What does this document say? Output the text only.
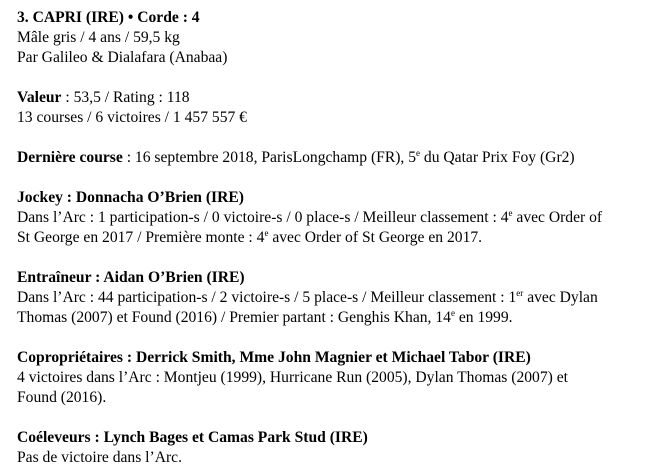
3. CAPRI (IRE) • Corde : 4
Mâle gris / 4 ans / 59,5 kg
Par Galileo & Dialafara (Anabaa)
Valeur : 53,5 / Rating : 118
13 courses / 6 victoires / 1 457 557 €
Dernière course : 16 septembre 2018, ParisLongchamp (FR), 5e du Qatar Prix Foy (Gr2)
Jockey : Donnacha O’Brien (IRE)
Dans l’Arc : 1 participation-s / 0 victoire-s / 0 place-s / Meilleur classement : 4e avec Order of
St George en 2017 / Première monte : 4e avec Order of St George en 2017.
Entraîneur : Aidan O’Brien (IRE)
Dans l’Arc : 44 participation-s / 2 victoire-s / 5 place-s / Meilleur classement : 1er avec Dylan
Thomas (2007) et Found (2016) / Premier partant : Genghis Khan, 14e en 1999.
Copropriétaires : Derrick Smith, Mme John Magnier et Michael Tabor (IRE)
4 victoires dans l’Arc : Montjeu (1999), Hurricane Run (2005), Dylan Thomas (2007) et
Found (2016).
Coéleveurs : Lynch Bages et Camas Park Stud (IRE)
Pas de victoire dans l’Arc.
